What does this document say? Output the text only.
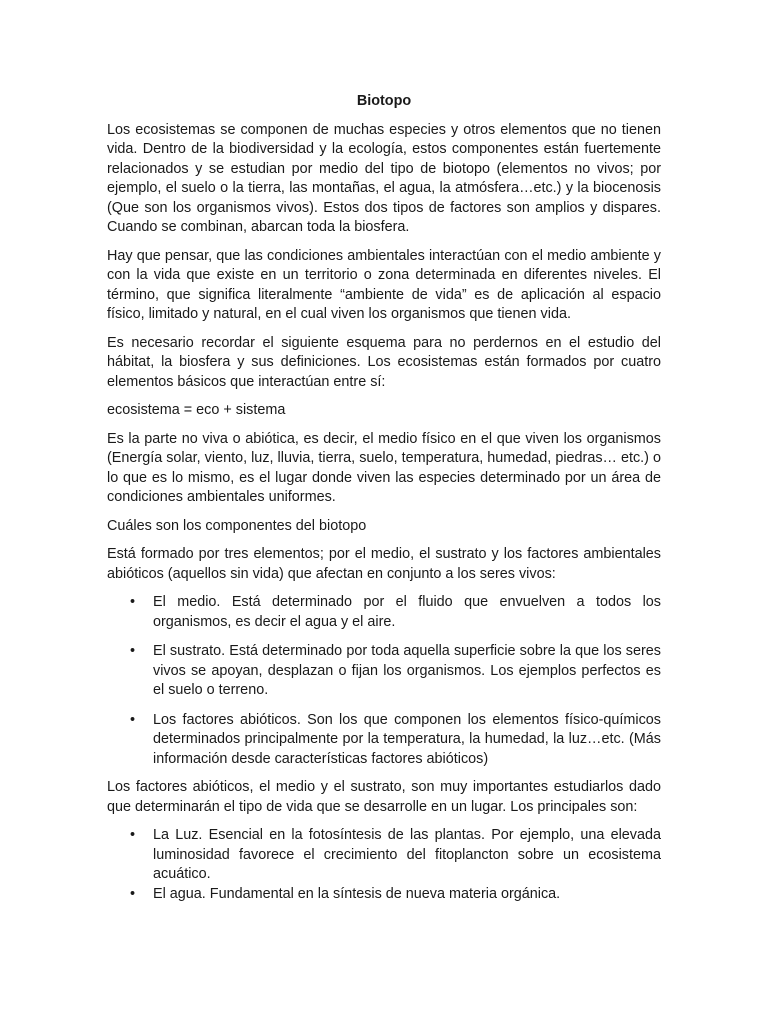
Biotopo

Los ecosistemas se componen de muchas especies y otros elementos que no tienen vida. Dentro de la biodiversidad y la ecología, estos componentes están fuertemente relacionados y se estudian por medio del tipo de biotopo (elementos no vivos; por ejemplo, el suelo o la tierra, las montañas, el agua, la atmósfera…etc.) y la biocenosis (Que son los organismos vivos). Estos dos tipos de factores son amplios y dispares. Cuando se combinan, abarcan toda la biosfera.

Hay que pensar, que las condiciones ambientales interactúan con el medio ambiente y con la vida que existe en un territorio o zona determinada en diferentes niveles. El término, que significa literalmente “ambiente de vida” es de aplicación al espacio físico, limitado y natural, en el cual viven los organismos que tienen vida.

Es necesario recordar el siguiente esquema para no perdernos en el estudio del hábitat, la biosfera y sus definiciones. Los ecosistemas están formados por cuatro elementos básicos que interactúan entre sí:

ecosistema = eco + sistema

Es la parte no viva o abiótica, es decir, el medio físico en el que viven los organismos (Energía solar, viento, luz, lluvia, tierra, suelo, temperatura, humedad, piedras… etc.) o lo que es lo mismo, es el lugar donde viven las especies determinado por un área de condiciones ambientales uniformes.

Cuáles son los componentes del biotopo

Está formado por tres elementos; por el medio, el sustrato y los factores ambientales abióticos (aquellos sin vida) que afectan en conjunto a los seres vivos:

•	El medio. Está determinado por el fluido que envuelven a todos los organismos, es decir el agua y el aire.
•	El sustrato. Está determinado por toda aquella superficie sobre la que los seres vivos se apoyan, desplazan o fijan los organismos. Los ejemplos perfectos es el suelo o terreno.
•	Los factores abióticos. Son los que componen los elementos físico-químicos determinados principalmente por la temperatura, la humedad, la luz…etc. (Más información desde características factores abióticos)

Los factores abióticos, el medio y el sustrato, son muy importantes estudiarlos dado que determinarán el tipo de vida que se desarrolle en un lugar. Los principales son:

•	La Luz. Esencial en la fotosíntesis de las plantas. Por ejemplo, una elevada luminosidad favorece el crecimiento del fitoplancton sobre un ecosistema acuático.
•	El agua. Fundamental en la síntesis de nueva materia orgánica.
